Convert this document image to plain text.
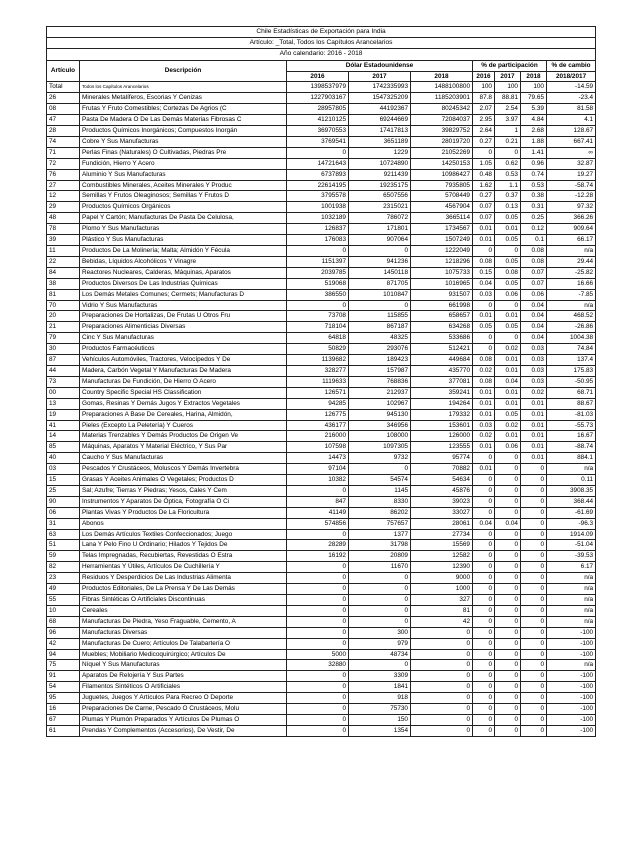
Chile Estadísticas de Exportación para India								
Artículo: _Total, Todos los Capítulos Arancelarios								
Año calendario: 2016 - 2018								
Artículo	Descripción	Dólar Estadounidense			% de participación			% de cambio
		2016	2017	2018	2016	2017	2018	2018/2017
Total	Todos los Capítulos Arancelarios	1398537979	1742335993	1488100800	100	100	100	-14.59
26	Minerales Metalíferos, Escorias Y Cenizas	1227903167	1547325209	1185203901	87.8	88.81	79.65	-23.4
08	Frutas Y Fruto Comestibles; Cortezas De Agrios (C	28957805	44192367	80245342	2.07	2.54	5.39	81.58
47	Pasta De Madera O De Las Demás Materias Fibrosas C	41210125	69244669	72084037	2.95	3.97	4.84	4.1
28	Productos Químicos Inorgánicos; Compuestos Inorgán	36970553	17417813	39829752	2.64	1	2.68	128.67
74	Cobre Y Sus Manufacturas	3769541	3651189	28019720	0.27	0.21	1.88	667.41
71	Perlas Finas (Naturales) O Cultivadas, Piedras Pre	0	1229	21052269	0	0	1.41	∞
72	Fundición, Hierro Y Acero	14721643	10724890	14250153	1.05	0.62	0.96	32.87
76	Aluminio Y Sus Manufacturas	6737893	9211439	10986427	0.48	0.53	0.74	19.27
27	Combustibles Minerales, Aceites Minerales Y Produc	22614195	19235175	7935805	1.62	1.1	0.53	-58.74
12	Semillas Y Frutos Oleaginosos; Semillas Y Frutos D	3795578	6507556	5708449	0.27	0.37	0.38	-12.28
29	Productos Químicos Orgánicos	1001938	2315021	4567904	0.07	0.13	0.31	97.32
48	Papel Y Cartón; Manufacturas De Pasta De Celulosa,	1032189	786072	3665114	0.07	0.05	0.25	366.26
78	Plomo Y Sus Manufacturas	126837	171801	1734567	0.01	0.01	0.12	909.64
39	Plástico Y Sus Manufacturas	176083	907064	1507249	0.01	0.05	0.1	66.17
11	Productos De La Molinería; Malta; Almidón Y Fécula	0	0	1222049	0	0	0.08	n/a
22	Bebidas, Líquidos Alcohólicos Y Vinagre	1151397	941236	1218296	0.08	0.05	0.08	29.44
84	Reactores Nucleares, Calderas, Máquinas, Aparatos	2039785	1450118	1075733	0.15	0.08	0.07	-25.82
38	Productos Diversos De Las Industrias Químicas	519068	871705	1016965	0.04	0.05	0.07	16.66
81	Los Demás Metales Comunes; Cermets; Manufacturas D	386550	1010847	931507	0.03	0.06	0.06	-7.85
70	Vidrio Y Sus Manufacturas	0	0	661998	0	0	0.04	n/a
20	Preparaciones De Hortalizas, De Frutas U Otros Fru	73708	115855	658657	0.01	0.01	0.04	468.52
21	Preparaciones Alimenticias Diversas	718104	867187	634268	0.05	0.05	0.04	-26.86
79	Cinc Y Sus Manufacturas	64818	48325	533686	0	0	0.04	1004.38
30	Productos Farmacéuticos	50829	293076	512421	0	0.02	0.03	74.84
87	Vehículos Automóviles, Tractores, Velocípedos Y De	1139682	189423	449684	0.08	0.01	0.03	137.4
44	Madera, Carbón Vegetal Y Manufacturas De Madera	328277	157987	435770	0.02	0.01	0.03	175.83
73	Manufacturas De Fundición, De Hierro O Acero	1119633	768836	377081	0.08	0.04	0.03	-50.95
00	Country Specific Special HS Classification	126571	212937	359241	0.01	0.01	0.02	68.71
13	Gomas, Resinas Y Demás Jugos Y Extractos Vegetales	94285	102967	194264	0.01	0.01	0.01	88.67
19	Preparaciones A Base De Cereales, Harina, Almidón,	126775	945130	179332	0.01	0.05	0.01	-81.03
41	Pieles (Excepto La Peletería) Y Cueros	436177	346956	153601	0.03	0.02	0.01	-55.73
14	Materias Trenzables Y Demás Productos De Origen Ve	216000	108000	126000	0.02	0.01	0.01	16.67
85	Máquinas, Aparatos Y Material Eléctrico, Y Sus Par	107598	1097305	123555	0.01	0.06	0.01	-88.74
40	Caucho Y Sus Manufacturas	14473	9732	95774	0	0	0.01	884.1
03	Pescados Y Crustáceos, Moluscos Y Demás Invertebra	97104	0	70882	0.01	0	0	n/a
15	Grasas Y Aceites Animales O Vegetales; Productos D	10382	54574	54634	0	0	0	0.11
25	Sal; Azufre; Tierras Y Piedras; Yesos, Cales Y Cem	0	1145	45876	0	0	0	3908.35
90	Instrumentos Y Aparatos De Óptica, Fotografía O Ci	847	8330	39023	0	0	0	368.44
06	Plantas Vivas Y Productos De La Floricultura	41149	86202	33027	0	0	0	-61.69
31	Abonos	574856	757657	28061	0.04	0.04	0	-96.3
63	Los Demás Artículos Textiles Confeccionados; Juego	0	1377	27734	0	0	0	1914.09
51	Lana Y Pelo Fino U Ordinario; Hilados Y Tejidos De	28289	31798	15569	0	0	0	-51.04
59	Telas Impregnadas, Recubiertas, Revestidas O Estra	16192	20809	12582	0	0	0	-39.53
82	Herramientas Y Útiles, Artículos De Cuchillería Y	0	11670	12390	0	0	0	6.17
23	Residuos Y Desperdicios De Las Industrias Alimenta	0	0	9000	0	0	0	n/a
49	Productos Editoriales, De La Prensa Y De Las Demás	0	0	1000	0	0	0	n/a
55	Fibras Sintéticas O Artificiales Discontinuas	0	0	327	0	0	0	n/a
10	Cereales	0	0	81	0	0	0	n/a
68	Manufacturas De Piedra, Yeso Fraguable, Cemento, A	0	0	42	0	0	0	n/a
96	Manufacturas Diversas	0	300	0	0	0	0	-100
42	Manufacturas De Cuero; Artículos De Talabartería O	0	979	0	0	0	0	-100
94	Muebles; Mobiliario Medicoquirúrgico; Artículos De	5000	48734	0	0	0	0	-100
75	Níquel Y Sus Manufacturas	32880	0	0	0	0	0	n/a
91	Aparatos De Relojería Y Sus Partes	0	3309	0	0	0	0	-100
54	Filamentos Sintéticos O Artificiales	0	1841	0	0	0	0	-100
95	Juguetes, Juegos Y Artículos Para Recreo O Deporte	0	918	0	0	0	0	-100
16	Preparaciones De Carne, Pescado O Crustáceos, Molu	0	75730	0	0	0	0	-100
67	Plumas Y Plumón Preparados Y Artículos De Plumas O	0	150	0	0	0	0	-100
61	Prendas Y Complementos (Accesorios), De Vestir, De	0	1354	0	0	0	0	-100
